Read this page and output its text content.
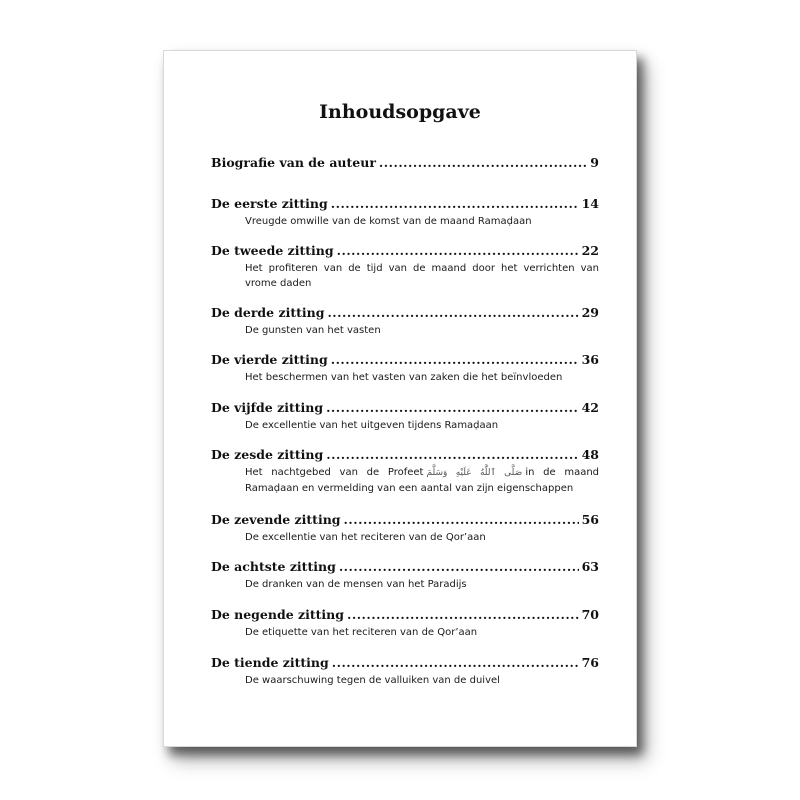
Inhoudsopgave
Biografie van de auteur .....	9
De eerste zitting .....	14
Vreugde omwille van de komst van de maand Ramaḍaan
De tweede zitting .....	22
Het profiteren van de tijd van de maand door het verrichten van vrome daden
De derde zitting .....	29
De gunsten van het vasten
De vierde zitting .....	36
Het beschermen van het vasten van zaken die het beïnvloeden
De vijfde zitting .....	42
De excellentie van het uitgeven tijdens Ramaḍaan
De zesde zitting .....	48
Het nachtgebed van de Profeet صَلَّى ٱللَّٰهُ عَلَيْهِ وَسَلَّمَ in de maand Ramaḍaan en vermelding van een aantal van zijn eigenschappen
De zevende zitting .....	56
De excellentie van het reciteren van de Qor’aan
De achtste zitting .....	63
De dranken van de mensen van het Paradijs
De negende zitting .....	70
De etiquette van het reciteren van de Qor’aan
De tiende zitting .....	76
De waarschuwing tegen de valluiken van de duivel
